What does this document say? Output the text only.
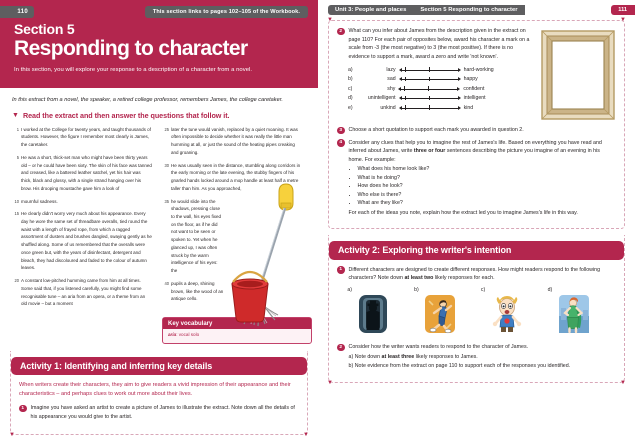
110	This section links to pages 102–105 of the Workbook.
Section 5
Responding to character
In this section, you will explore your response to a description of a character from a novel.
In this extract from a novel, the speaker, a retired college professor, remembers James, the college caretaker.
▼ Read the extract and then answer the questions that follow it.

1 I worked at the College for twenty years, and taught thousands of students. However, the figure I remember most clearly is James, the caretaker.

5 He was a short, thick-set man who might have been thirty years old – or he could have been sixty. The skin of his face was tanned and creased, like a battered leather satchel, yet his hair was thick, black and glossy, with a single strand hanging over his brow. His drooping moustache gave him a look of

10 mournful sadness.

15 He clearly didn't worry very much about his appearance. Every day he wore the same set of threadbare overalls, tied round the waist with a length of frayed rope, from which a ragged assortment of dusters and brushes dangled, swaying gently as he shuffled along. Some of us remembered that the overalls were once green but, with the years of disinfectant, detergent and bleach, they had discoloured and faded to the colour of autumn leaves.

20 A constant low-pitched humming came from him at all times. Some said that, if you listened carefully, you might find some recognisable tune – an aria from an opera, or a theme from an old movie – but a moment

25 later the tune would vanish, replaced by a quiet moaning. It was often impossible to decide whether it was really the little man humming at all, or just the sound of the heating pipes creaking and groaning.

30 He was usually seen in the distance, stumbling along corridors in the early morning or the late evening, the stubby fingers of his gnarled hands locked around a mop handle at least half a metre taller than him. As you approached,

35 he would slide into the shadows, pressing close to the wall, his eyes fixed on the floor, as if he did not want to be seen or spoken to. Yet when he glanced up, I was often struck by the warm intelligence of his eyes: the

40 pupils a deep, shining brown, like the wood of an antique cello.

Key vocabulary
aria: vocal solo
Activity 1: Identifying and inferring key details
When writers create their characters, they aim to give readers a vivid impression of their appearance and their characteristics – and perhaps clues to work out more about their lives.
1	Imagine you have asked an artist to create a picture of James to illustrate the extract. Note down all the details of his appearance you would give to the artist.
▼	▼
Unit 3: People and places	Section 5 Responding to character	111
▼	▼
2	What can you infer about James from the description given in the extract on page 110? For each pair of opposites below, award his character a mark on a scale from -3 (the most negative) to 3 (the most positive). If there is no evidence to support a mark, award a zero and write 'not known'.
a)	lazy	hard-working
b)	sad	happy
c)	shy	confident
d)	unintelligent	intelligent
e)	unkind	kind
3	Choose a short quotation to support each mark you awarded in question 2.
4	Consider any clues that help you to imagine the rest of James's life. Based on everything you have read and inferred about James, write three or four sentences describing the picture you imagine of an evening in his home. For example:
• What does his home look like?
• What is he doing?
• How does he look?
• Who else is there?
• What are they like?
For each of the ideas you note, explain how the extract led you to imagine James's life in this way.
Activity 2: Exploring the writer's intention
1	Different characters are designed to create different responses. How might readers respond to the following characters? Note down at least two likely responses for each.
a)	b)	c)	d)
2	Consider how the writer wants readers to respond to the character of James.
a) Note down at least three likely responses to James.
b) Note evidence from the extract on page 110 to support each of the responses you identified.
▼	▼
